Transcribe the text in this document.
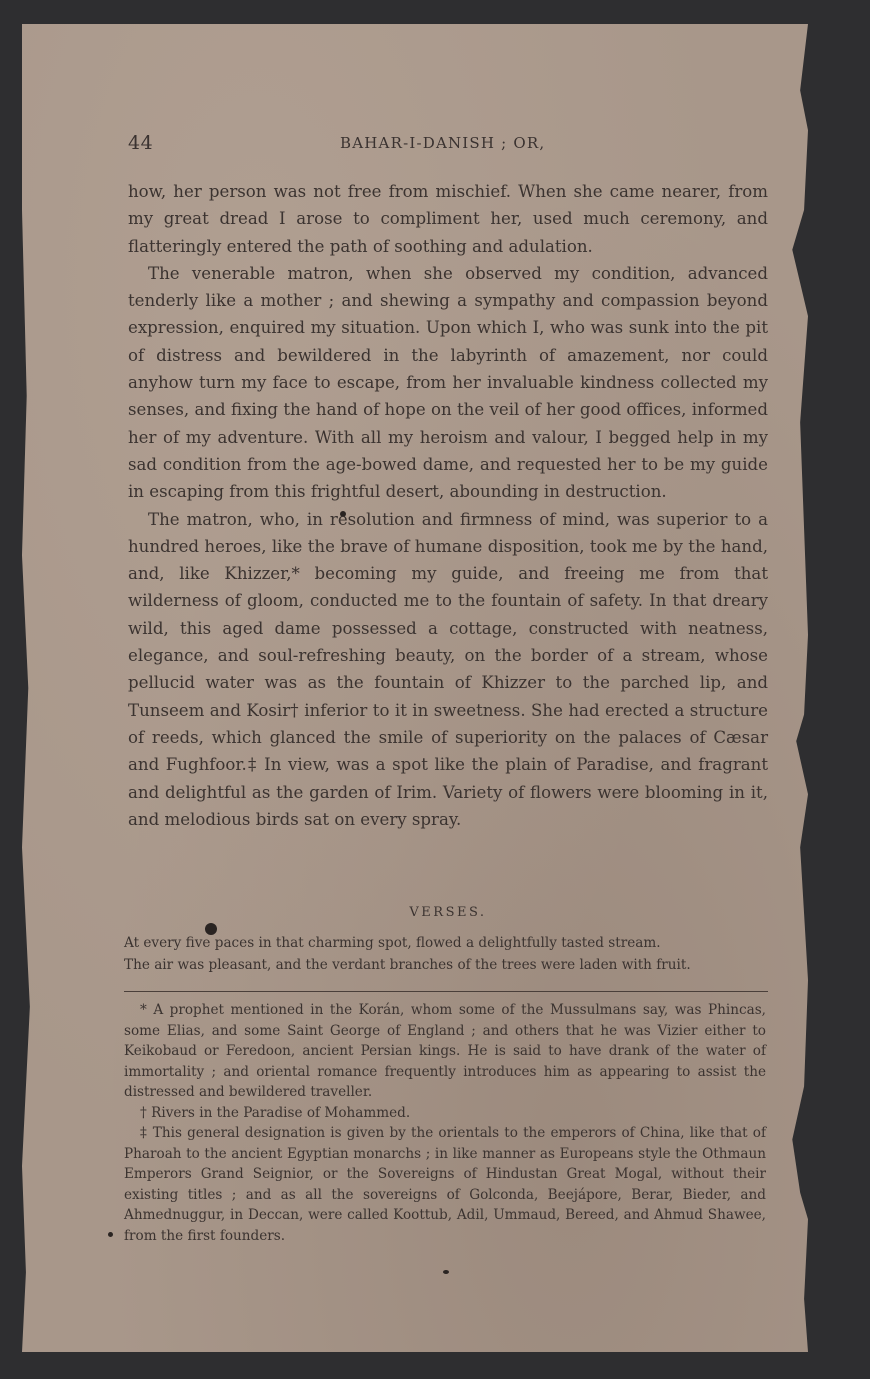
44	BAHAR-I-DANISH ; OR,

how, her person was not free from mischief. When she came nearer, from my great dread I arose to compliment her, used much ceremony, and flatteringly entered the path of soothing and adulation.

The venerable matron, when she observed my condition, advanced tenderly like a mother ; and shewing a sympathy and compassion beyond expression, enquired my situation. Upon which I, who was sunk into the pit of distress and bewildered in the labyrinth of amazement, nor could anyhow turn my face to escape, from her invaluable kindness collected my senses, and fixing the hand of hope on the veil of her good offices, informed her of my adventure. With all my heroism and valour, I begged help in my sad condition from the age-bowed dame, and requested her to be my guide in escaping from this frightful desert, abounding in destruction.

The matron, who, in resolution and firmness of mind, was superior to a hundred heroes, like the brave of humane disposition, took me by the hand, and, like Khizzer,* becoming my guide, and freeing me from that wilderness of gloom, conducted me to the fountain of safety. In that dreary wild, this aged dame possessed a cottage, constructed with neatness, elegance, and soul-refreshing beauty, on the border of a stream, whose pellucid water was as the fountain of Khizzer to the parched lip, and Tunseem and Kosir† inferior to it in sweetness. She had erected a structure of reeds, which glanced the smile of superiority on the palaces of Cæsar and Fughfoor.‡ In view, was a spot like the plain of Paradise, and fragrant and delightful as the garden of Irim. Variety of flowers were blooming in it, and melodious birds sat on every spray.

VERSES.

At every five paces in that charming spot, flowed a delightfully tasted stream.

The air was pleasant, and the verdant branches of the trees were laden with fruit.

* A prophet mentioned in the Korán, whom some of the Mussulmans say, was Phincas, some Elias, and some Saint George of England ; and others that he was Vizier either to Keikobaud or Feredoon, ancient Persian kings. He is said to have drank of the water of immortality ; and oriental romance frequently introduces him as appearing to assist the distressed and bewildered traveller.

† Rivers in the Paradise of Mohammed.

‡ This general designation is given by the orientals to the emperors of China, like that of Pharoah to the ancient Egyptian monarchs ; in like manner as Europeans style the Othmaun Emperors Grand Seignior, or the Sovereigns of Hindustan Great Mogal, without their existing titles ; and as all the sovereigns of Golconda, Beejápore, Berar, Bieder, and Ahmednuggur, in Deccan, were called Koottub, Adil, Ummaud, Bereed, and Ahmud Shawee, from the first founders.
